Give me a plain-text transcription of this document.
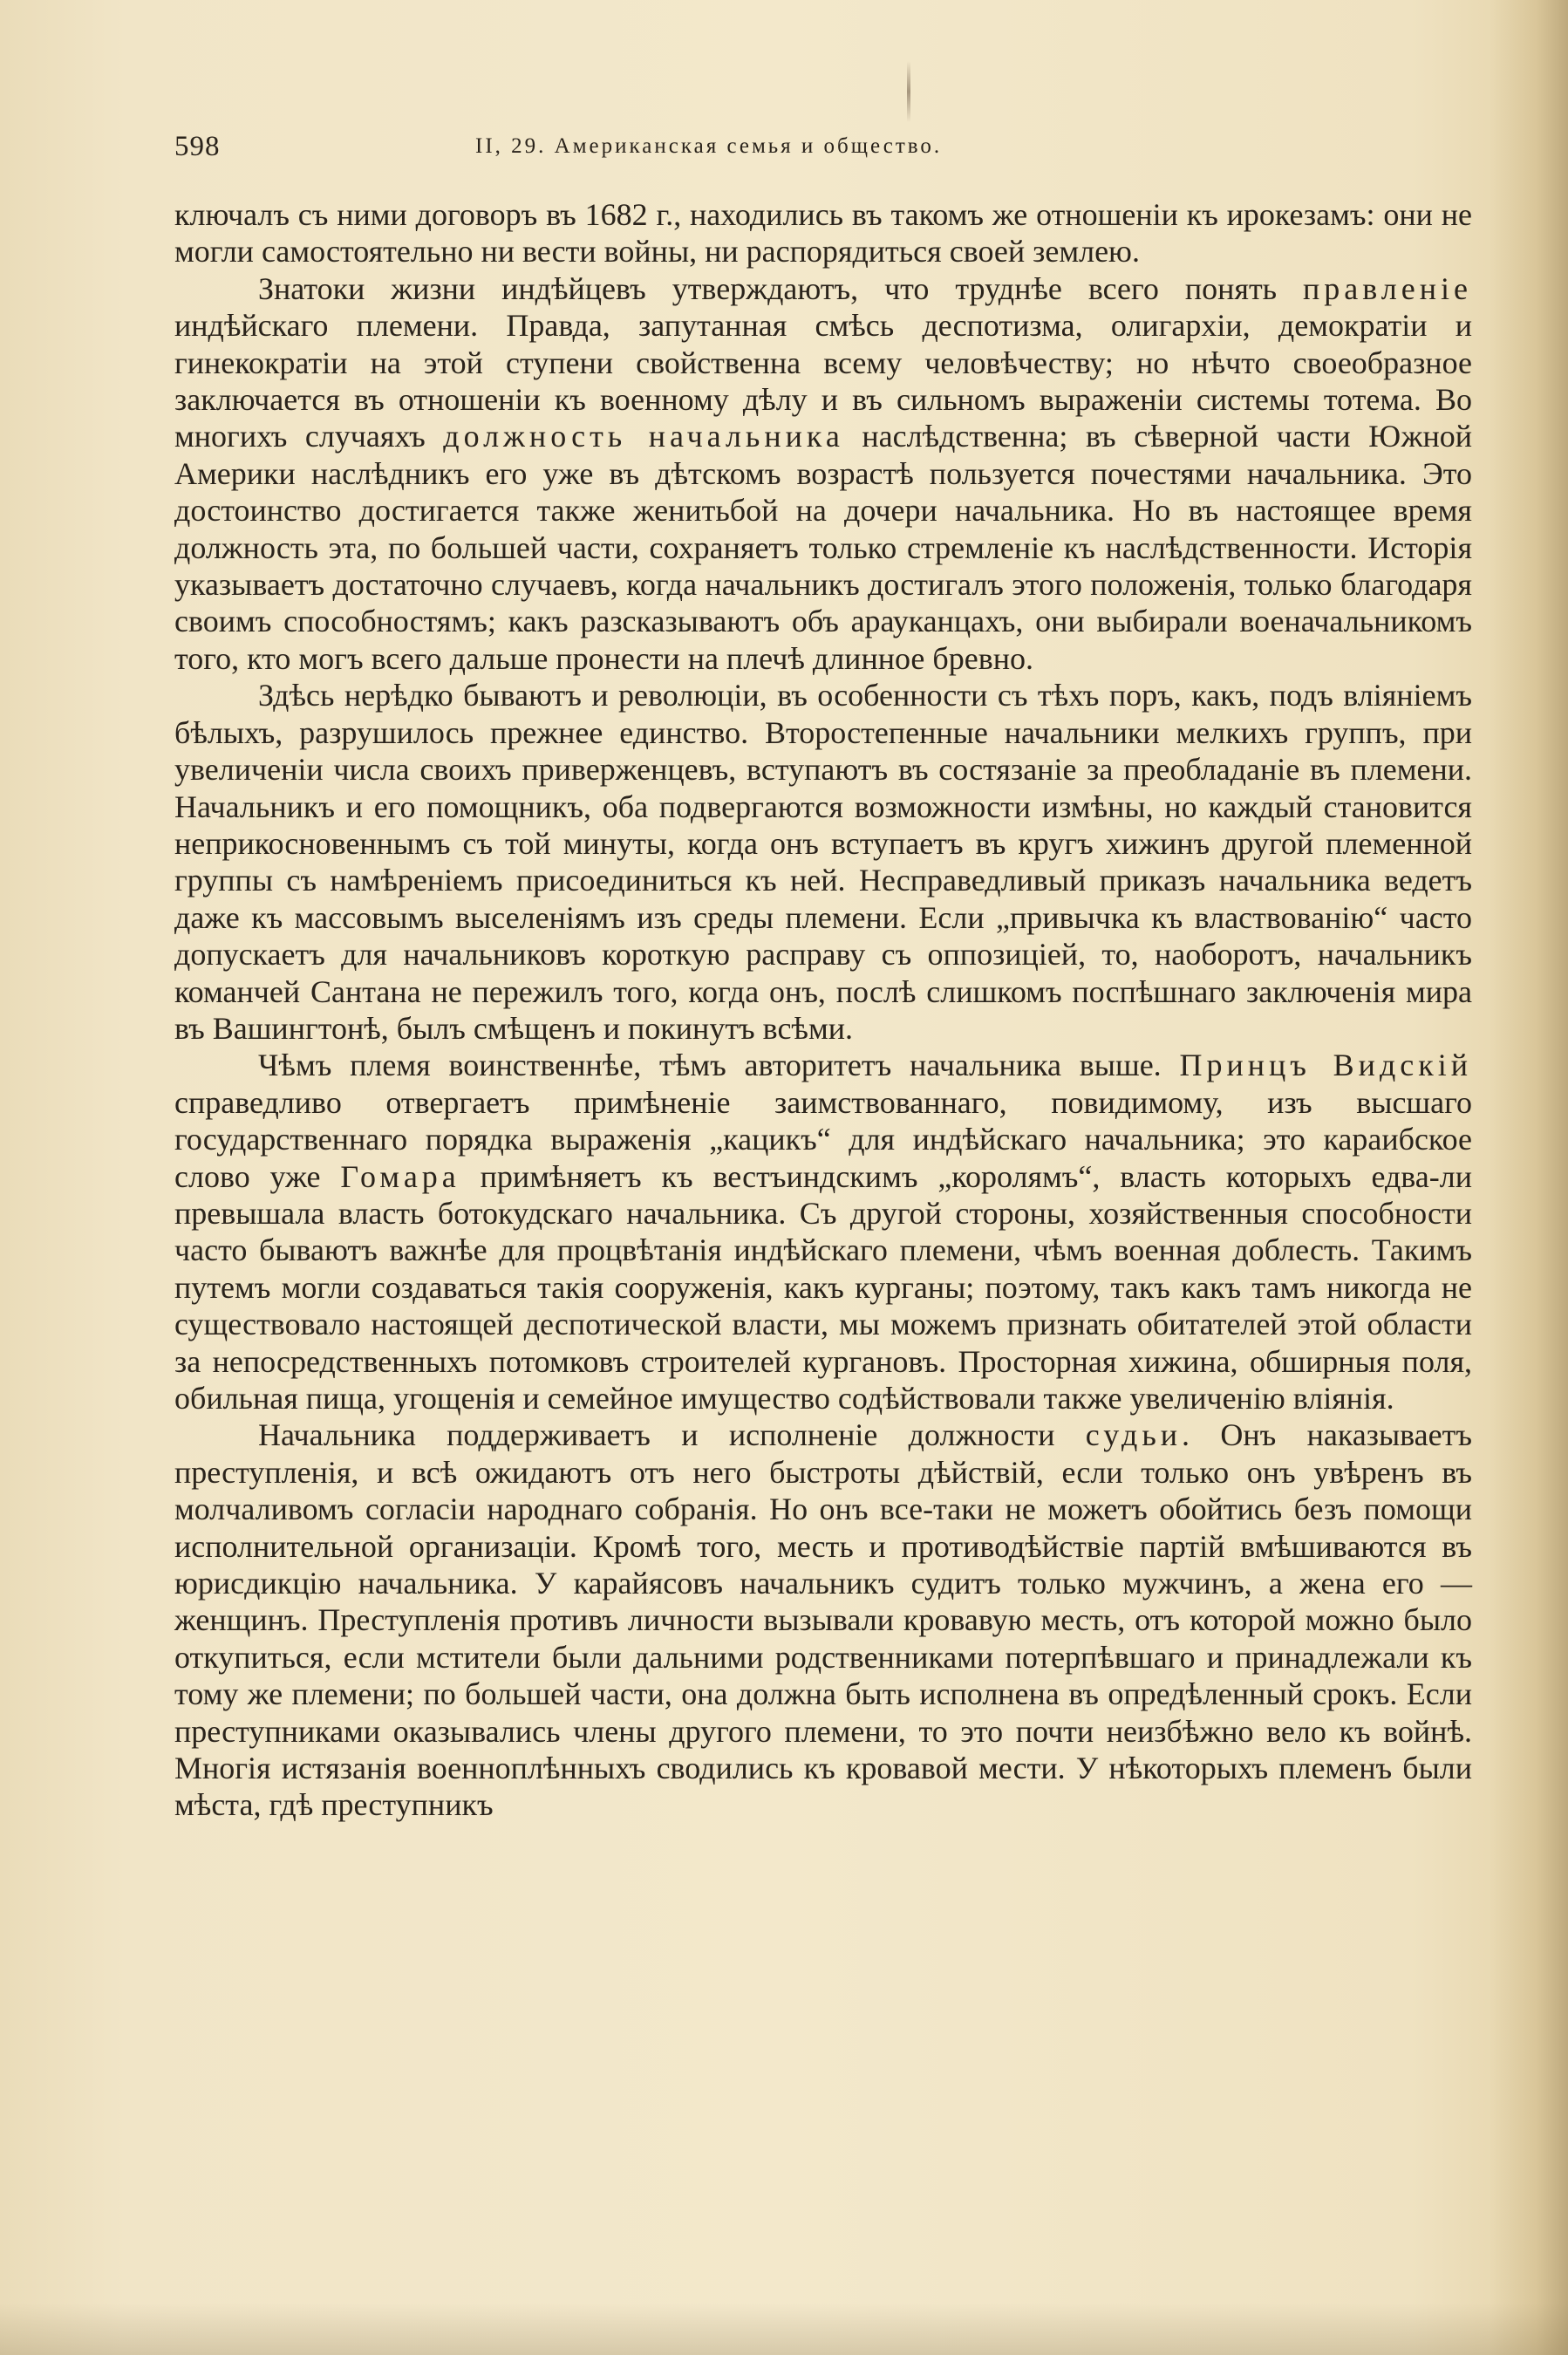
598	II, 29. Американская семья и общество.

ключалъ съ ними договоръ въ 1682 г., находились въ такомъ же отношеніи къ ирокезамъ: они не могли самостоятельно ни вести войны, ни распорядиться своей землею.

Знатоки жизни индѣйцевъ утверждаютъ, что труднѣе всего понять правленіе индѣйскаго племени. Правда, запутанная смѣсь деспотизма, олигархіи, демократіи и гинекократіи на этой ступени свойственна всему человѣчеству; но нѣчто своеобразное заключается въ отношеніи къ военному дѣлу и въ сильномъ выраженіи системы тотема. Во многихъ случаяхъ должность начальника наслѣдственна; въ сѣверной части Южной Америки наслѣдникъ его уже въ дѣтскомъ возрастѣ пользуется почестями начальника. Это достоинство достигается также женитьбой на дочери начальника. Но въ настоящее время должность эта, по большей части, сохраняетъ только стремленіе къ наслѣдственности. Исторія указываетъ достаточно случаевъ, когда начальникъ достигалъ этого положенія, только благодаря своимъ способностямъ; какъ разсказываютъ объ арауканцахъ, они выбирали военачальникомъ того, кто могъ всего дальше пронести на плечѣ длинное бревно.

Здѣсь нерѣдко бываютъ и революціи, въ особенности съ тѣхъ поръ, какъ, подъ вліяніемъ бѣлыхъ, разрушилось прежнее единство. Второстепенные начальники мелкихъ группъ, при увеличеніи числа своихъ приверженцевъ, вступаютъ въ состязаніе за преобладаніе въ племени. Начальникъ и его помощникъ, оба подвергаются возможности измѣны, но каждый становится неприкосновеннымъ съ той минуты, когда онъ вступаетъ въ кругъ хижинъ другой племенной группы съ намѣреніемъ присоединиться къ ней. Несправедливый приказъ начальника ведетъ даже къ массовымъ выселеніямъ изъ среды племени. Если „привычка къ властвованію“ часто допускаетъ для начальниковъ короткую расправу съ оппозиціей, то, наоборотъ, начальникъ команчей Сантана не пережилъ того, когда онъ, послѣ слишкомъ поспѣшнаго заключенія мира въ Вашингтонѣ, былъ смѣщенъ и покинутъ всѣми.

Чѣмъ племя воинственнѣе, тѣмъ авторитетъ начальника выше. Принцъ Видскій справедливо отвергаетъ примѣненіе заимствованнаго, повидимому, изъ высшаго государственнаго порядка выраженія „кацикъ“ для индѣйскаго начальника; это караибское слово уже Гомара примѣняетъ къ вестъиндскимъ „королямъ“, власть которыхъ едва-ли превышала власть ботокудскаго начальника. Съ другой стороны, хозяйственныя способности часто бываютъ важнѣе для процвѣтанія индѣйскаго племени, чѣмъ военная доблесть. Такимъ путемъ могли создаваться такія сооруженія, какъ курганы; поэтому, такъ какъ тамъ никогда не существовало настоящей деспотической власти, мы можемъ признать обитателей этой области за непосредственныхъ потомковъ строителей кургановъ. Просторная хижина, обширныя поля, обильная пища, угощенія и семейное имущество содѣйствовали также увеличенію вліянія.

Начальника поддерживаетъ и исполненіе должности судьи. Онъ наказываетъ преступленія, и всѣ ожидаютъ отъ него быстроты дѣйствій, если только онъ увѣренъ въ молчаливомъ согласіи народнаго собранія. Но онъ все-таки не можетъ обойтись безъ помощи исполнительной организаціи. Кромѣ того, месть и противодѣйствіе партій вмѣшиваются въ юрисдикцію начальника. У карайясовъ начальникъ судитъ только мужчинъ, а жена его — женщинъ. Преступленія противъ личности вызывали кровавую месть, отъ которой можно было откупиться, если мстители были дальними родственниками потерпѣвшаго и принадлежали къ тому же племени; по большей части, она должна быть исполнена въ опредѣленный срокъ. Если преступниками оказывались члены другого племени, то это почти неизбѣжно вело къ войнѣ. Многія истязанія военноплѣнныхъ сводились къ кровавой мести. У нѣкоторыхъ племенъ были мѣста, гдѣ преступникъ
